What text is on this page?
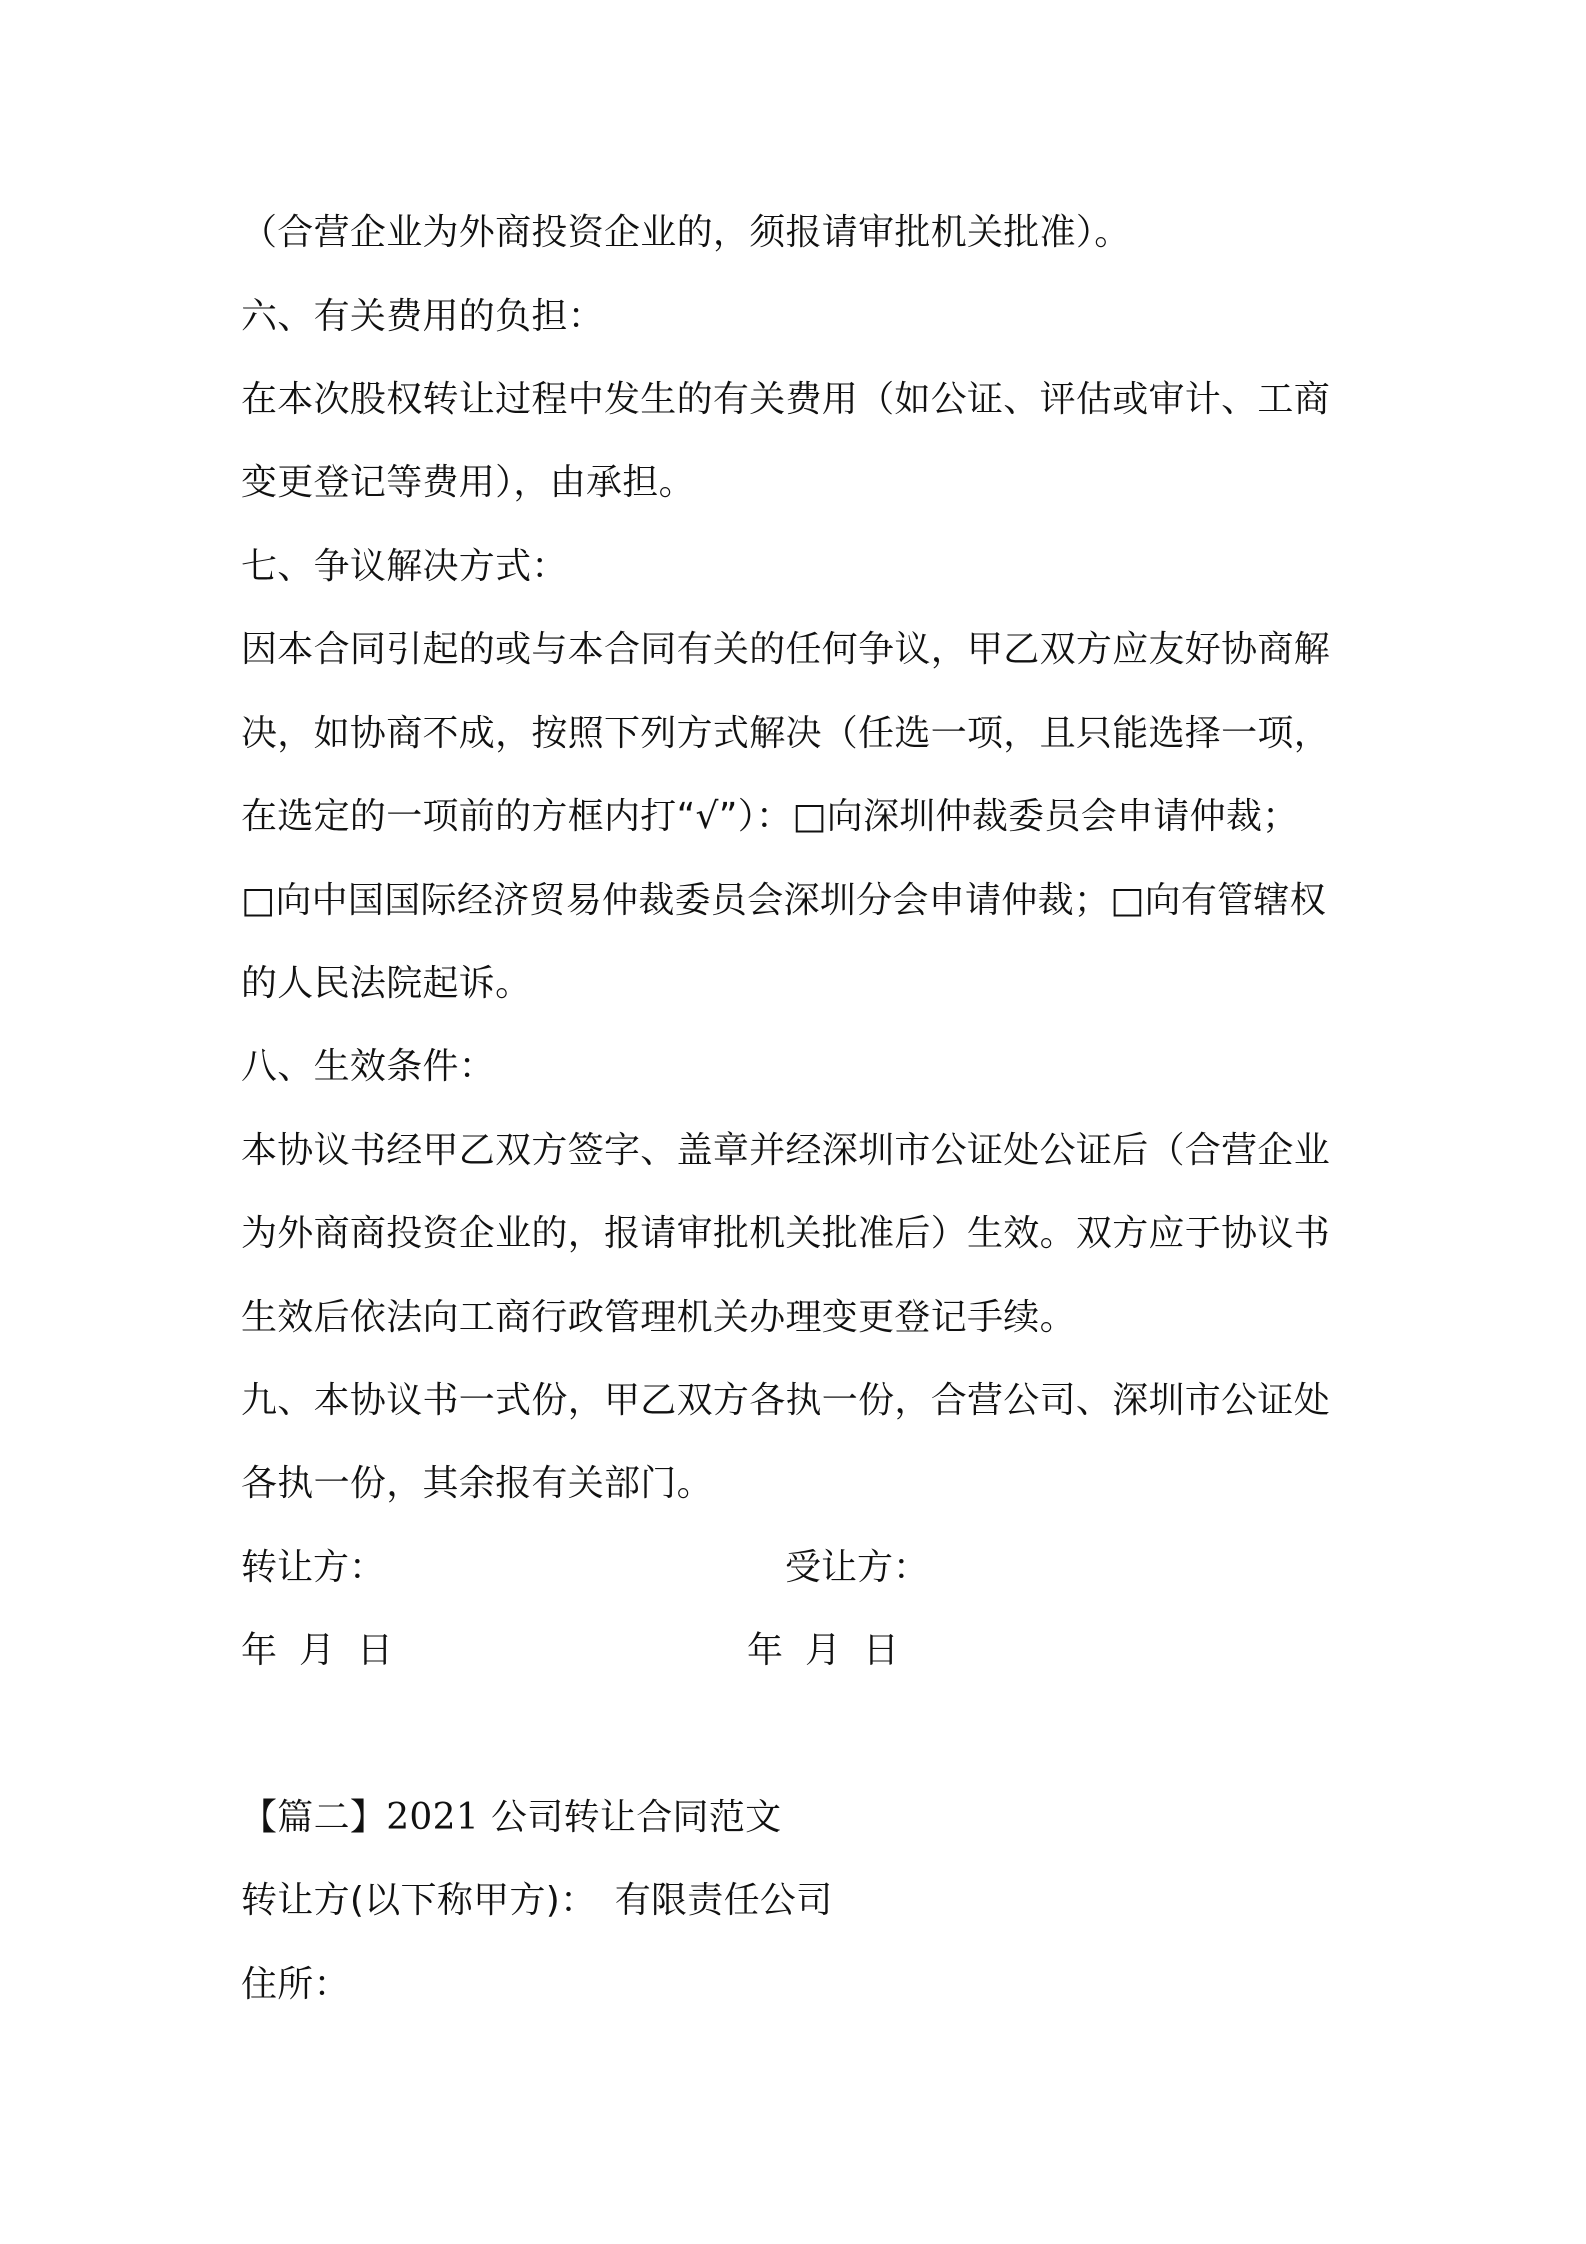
（合营企业为外商投资企业的，须报请审批机关批准）。
六、有关费用的负担：
在本次股权转让过程中发生的有关费用（如公证、评估或审计、工商
变更登记等费用），由承担。
七、争议解决方式：
因本合同引起的或与本合同有关的任何争议，甲乙双方应友好协商解
决，如协商不成，按照下列方式解决（任选一项，且只能选择一项，
在选定的一项前的方框内打“√”）：□向深圳仲裁委员会申请仲裁；
□向中国国际经济贸易仲裁委员会深圳分会申请仲裁；□向有管辖权
的人民法院起诉。
八、生效条件：
本协议书经甲乙双方签字、盖章并经深圳市公证处公证后（合营企业
为外商商投资企业的，报请审批机关批准后）生效。双方应于协议书
生效后依法向工商行政管理机关办理变更登记手续。
九、本协议书一式份，甲乙双方各执一份，合营公司、深圳市公证处
各执一份，其余报有关部门。
转让方：	受让方：
年 月 日	年 月 日
【篇二】2021 公司转让合同范文
转让方(以下称甲方)：　有限责任公司
住所：
